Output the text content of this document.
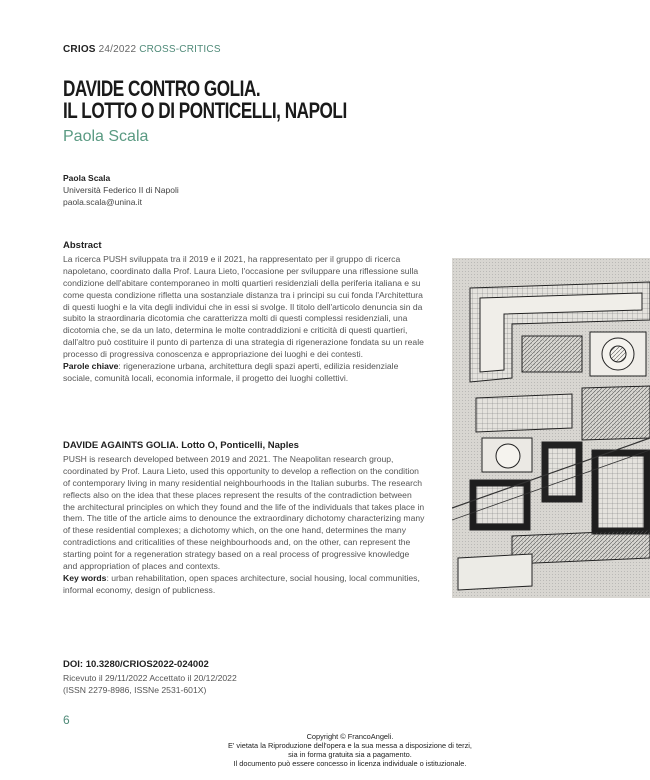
CRIOS 24/2022 CROSS-CRITICS
DAVIDE CONTRO GOLIA.
IL LOTTO O DI PONTICELLI, NAPOLI
Paola Scala
Paola Scala
Università Federico II di Napoli
paola.scala@unina.it
Abstract

La ricerca PUSH sviluppata tra il 2019 e il 2021, ha rappresentato per il gruppo di ricerca napoletano, coordinato dalla Prof. Laura Lieto, l'occasione per sviluppare una riflessione sulla condizione dell'abitare contemporaneo in molti quartieri residenziali della periferia italiana e su come questa condizione rifletta una sostanziale distanza tra i principi su cui fonda l'Architettura di questi luoghi e la vita degli individui che in essi si svolge. Il titolo dell'articolo denuncia sin da subito la straordinaria dicotomia che caratterizza molti di questi complessi residenziali, una dicotomia che, se da un lato, determina le molte contraddizioni e criticità di questi quartieri, dall'altro può costituire il punto di partenza di una strategia di rigenerazione fondata su un reale processo di progressiva conoscenza e appropriazione dei luoghi e dei contesti.

Parole chiave: rigenerazione urbana, architettura degli spazi aperti, edilizia residenziale sociale, comunità locali, economia informale, il progetto dei luoghi collettivi.

DAVIDE AGAINTS GOLIA. Lotto O, Ponticelli, Naples

PUSH is research developed between 2019 and 2021. The Neapolitan research group, coordinated by Prof. Laura Lieto, used this opportunity to develop a reflection on the condition of contemporary living in many residential neighbourhoods in the Italian suburbs. The research reflects also on the idea that these places represent the results of the contradiction between the architectural principles on which they found and the life of the individuals that takes place in them. The title of the article aims to denounce the extraordinary dichotomy characterizing many of these residential complexes; a dichotomy which, on the one hand, determines the many contradictions and criticalities of these neighbourhoods and, on the other, can represent the starting point for a regeneration strategy based on a real process of progressive knowledge and appropriation of places and contexts.

Key words: urban rehabilitation, open spaces architecture, social housing, local communities, informal economy, design of publicness.

DOI: 10.3280/CRIOS2022-024002
Ricevuto il 29/11/2022 Accettato il 20/12/2022
(ISSN 2279-8986, ISSNe 2531-601X)
6
Copyright © FrancoAngeli.
E' vietata la Riproduzione dell'opera e la sua messa a disposizione di terzi,
sia in forma gratuita sia a pagamento.
Il documento può essere concesso in licenza individuale o istituzionale.
